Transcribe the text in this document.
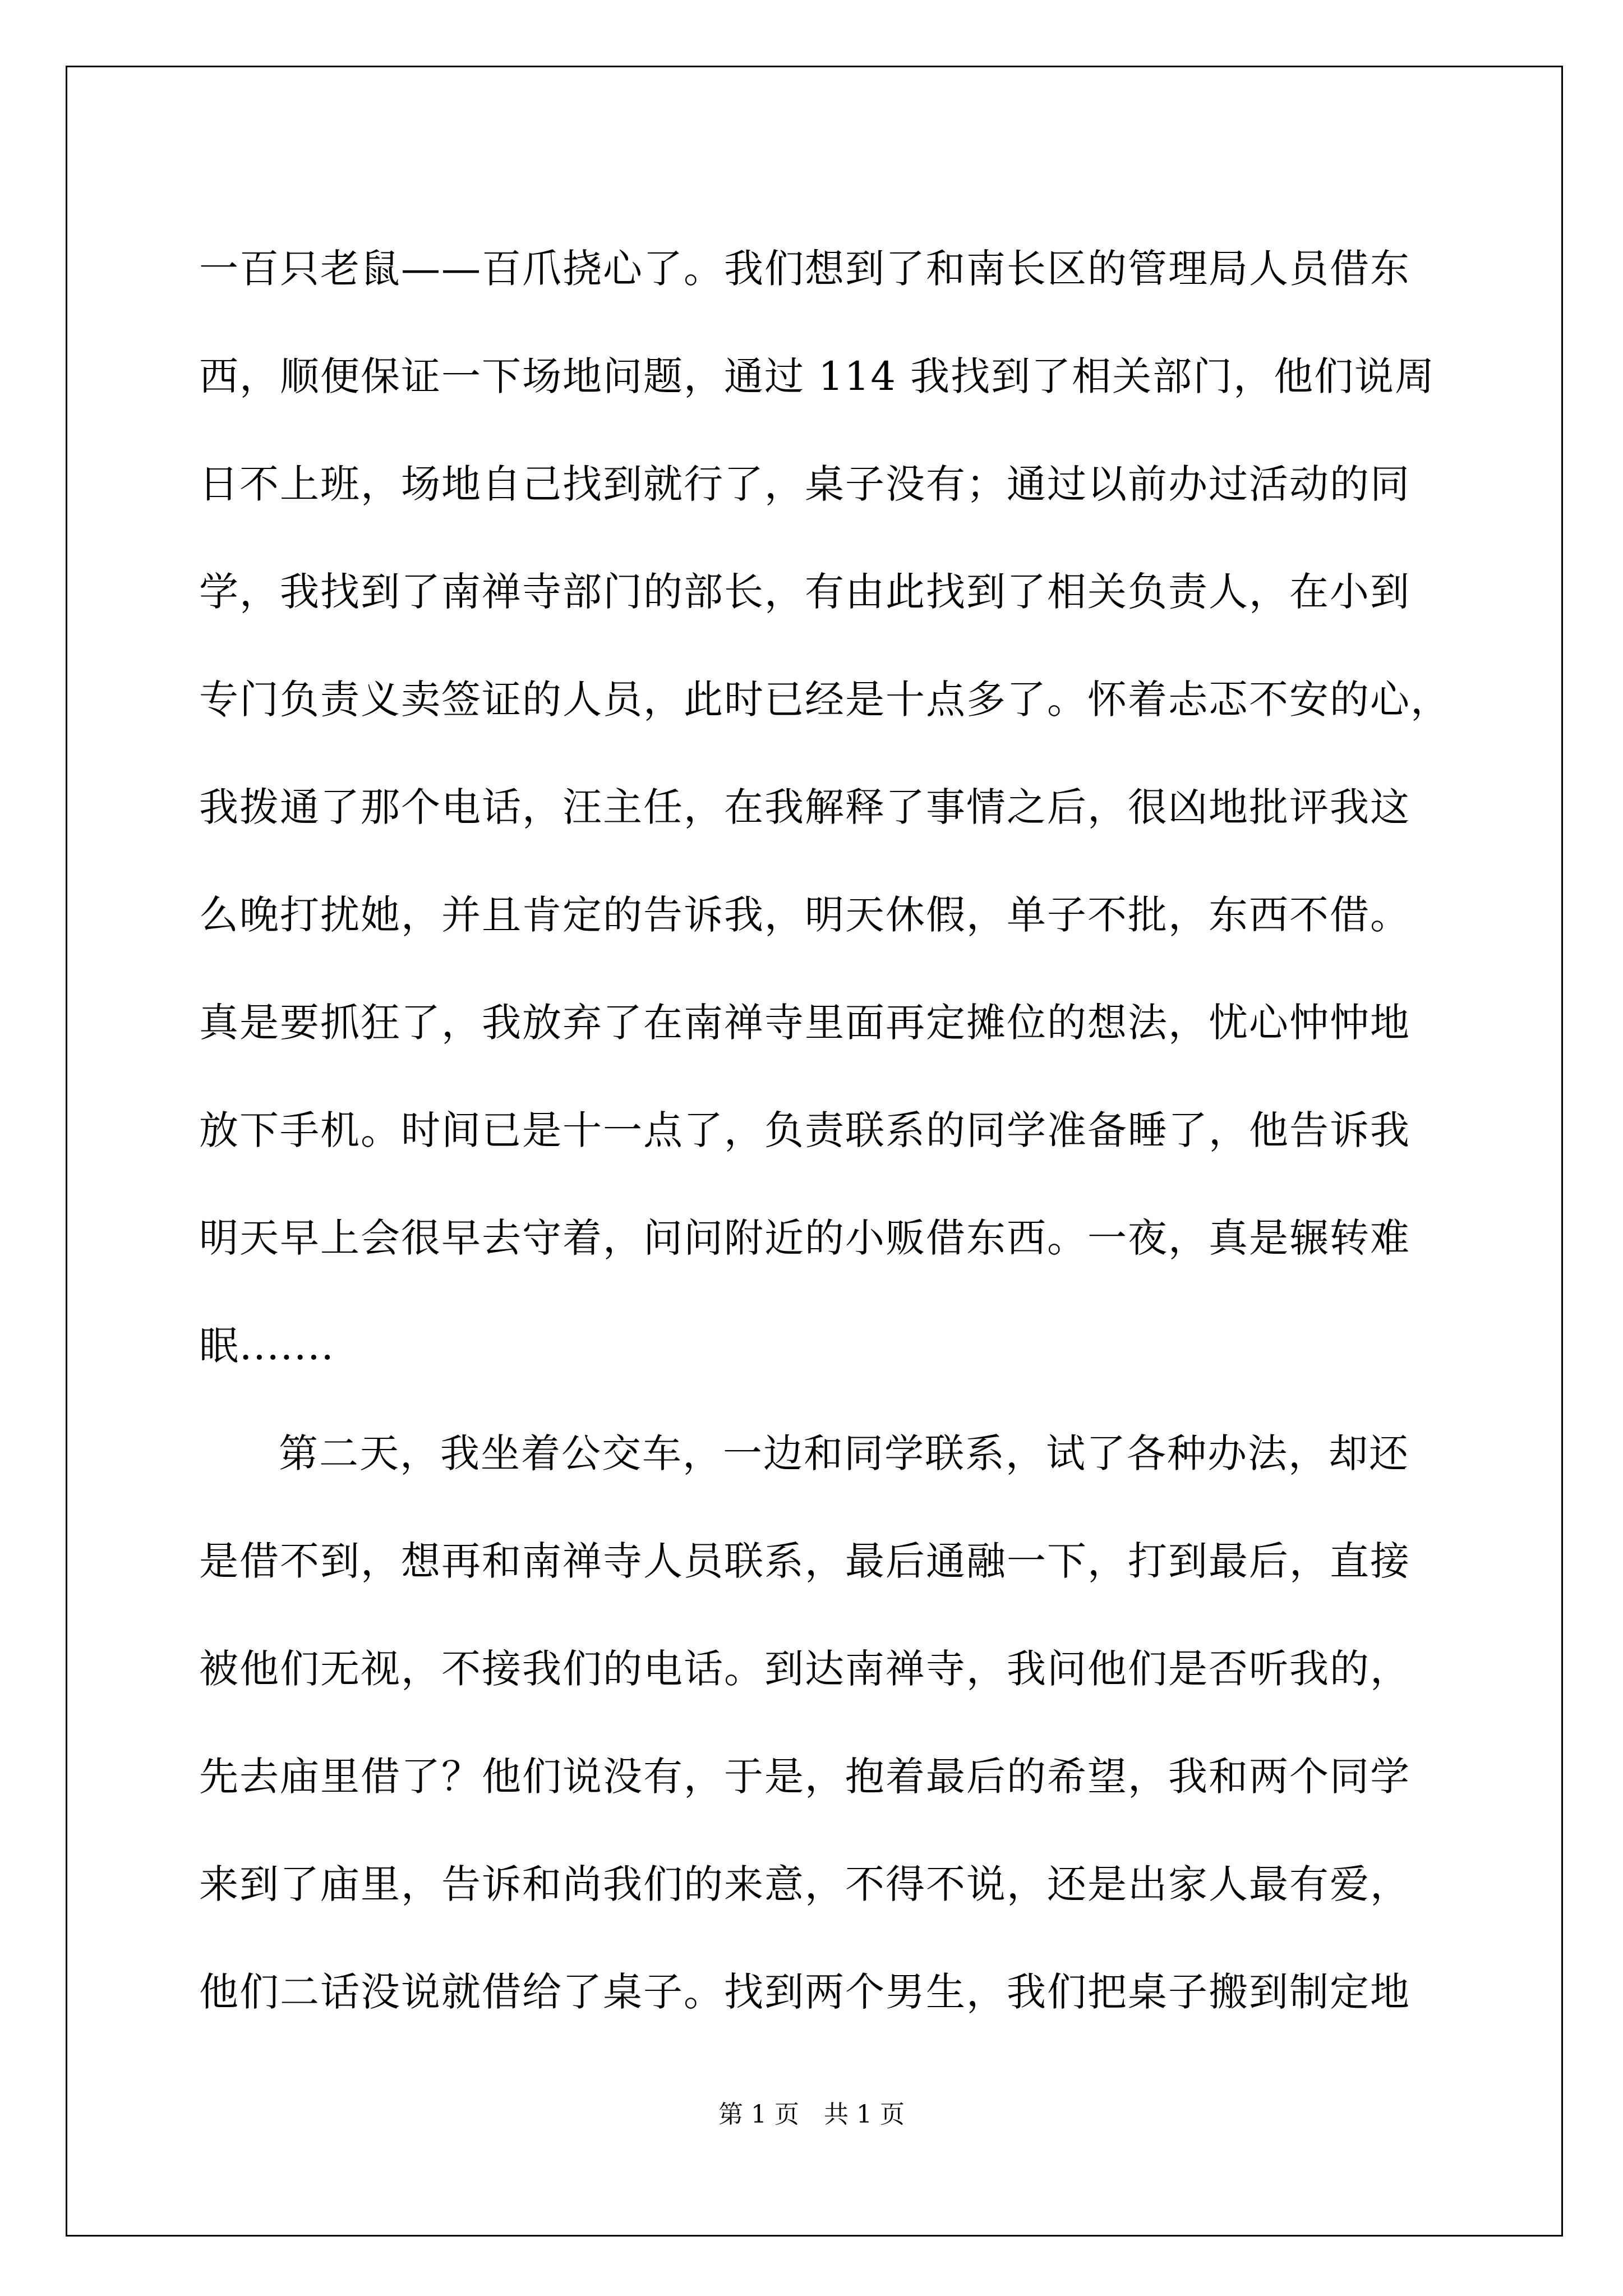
一百只老鼠——百爪挠心了。我们想到了和南长区的管理局人员借东
西，顺便保证一下场地问题，通过 114 我找到了相关部门，他们说周
日不上班，场地自己找到就行了，桌子没有；通过以前办过活动的同
学，我找到了南禅寺部门的部长，有由此找到了相关负责人，在小到
专门负责义卖签证的人员，此时已经是十点多了。怀着忐忑不安的心，
我拨通了那个电话，汪主任，在我解释了事情之后，很凶地批评我这
么晚打扰她，并且肯定的告诉我，明天休假，单子不批，东西不借。
真是要抓狂了，我放弃了在南禅寺里面再定摊位的想法，忧心忡忡地
放下手机。时间已是十一点了，负责联系的同学准备睡了，他告诉我
明天早上会很早去守着，问问附近的小贩借东西。一夜，真是辗转难
眠.......
第二天，我坐着公交车，一边和同学联系，试了各种办法，却还
是借不到，想再和南禅寺人员联系，最后通融一下，打到最后，直接
被他们无视，不接我们的电话。到达南禅寺，我问他们是否听我的，
先去庙里借了？他们说没有，于是，抱着最后的希望，我和两个同学
来到了庙里，告诉和尚我们的来意，不得不说，还是出家人最有爱，
他们二话没说就借给了桌子。找到两个男生，我们把桌子搬到制定地
第 1 页 共 1 页
